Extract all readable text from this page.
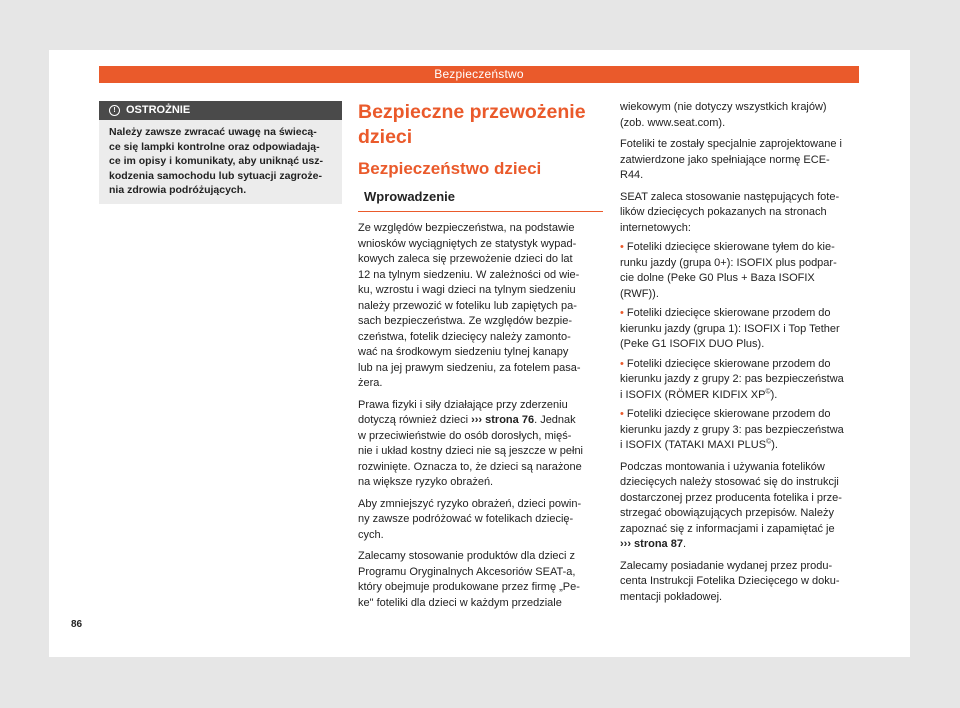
Bezpieczeństwo
! OSTROŻNIE
Należy zawsze zwracać uwagę na świecą-
ce się lampki kontrolne oraz odpowiadają-
ce im opisy i komunikaty, aby uniknąć usz-
kodzenia samochodu lub sytuacji zagroże-
nia zdrowia podróżujących.
Bezpieczne przewożenie
dzieci
Bezpieczeństwo dzieci
Wprowadzenie

Ze względów bezpieczeństwa, na podstawie
wniosków wyciągniętych ze statystyk wypad-
kowych zaleca się przewożenie dzieci do lat
12 na tylnym siedzeniu. W zależności od wie-
ku, wzrostu i wagi dzieci na tylnym siedzeniu
należy przewozić w foteliku lub zapiętych pa-
sach bezpieczeństwa. Ze względów bezpie-
czeństwa, fotelik dziecięcy należy zamonto-
wać na środkowym siedzeniu tylnej kanapy
lub na jej prawym siedzeniu, za fotelem pasa-
żera.

Prawa fizyki i siły działające przy zderzeniu
dotyczą również dzieci ››› strona 76. Jednak
w przeciwieństwie do osób dorosłych, mięś-
nie i układ kostny dzieci nie są jeszcze w pełni
rozwinięte. Oznacza to, że dzieci są narażone
na większe ryzyko obrażeń.

Aby zmniejszyć ryzyko obrażeń, dzieci powin-
ny zawsze podróżować w fotelikach dziecię-
cych.

Zalecamy stosowanie produktów dla dzieci z
Programu Oryginalnych Akcesoriów SEAT-a,
który obejmuje produkowane przez firmę „Pe-
ke" foteliki dla dzieci w każdym przedziale

wiekowym (nie dotyczy wszystkich krajów)
(zob. www.seat.com).

Foteliki te zostały specjalnie zaprojektowane i
zatwierdzone jako spełniające normę ECE-
R44.

SEAT zaleca stosowanie następujących fote-
lików dziecięcych pokazanych na stronach
internetowych:

• Foteliki dziecięce skierowane tyłem do kie-
runku jazdy (grupa 0+): ISOFIX plus podpar-
cie dolne (Peke G0 Plus + Baza ISOFIX
(RWF)).

• Foteliki dziecięce skierowane przodem do
kierunku jazdy (grupa 1): ISOFIX i Top Tether
(Peke G1 ISOFIX DUO Plus).

• Foteliki dziecięce skierowane przodem do
kierunku jazdy z grupy 2: pas bezpieczeństwa
i ISOFIX (RÖMER KIDFIX XP©).

• Foteliki dziecięce skierowane przodem do
kierunku jazdy z grupy 3: pas bezpieczeństwa
i ISOFIX (TATAKI MAXI PLUS©).

Podczas montowania i używania fotelików
dziecięcych należy stosować się do instrukcji
dostarczonej przez producenta fotelika i prze-
strzegać obowiązujących przepisów. Należy
zapoznać się z informacjami i zapamiętać je
››› strona 87.

Zalecamy posiadanie wydanej przez produ-
centa Instrukcji Fotelika Dziecięcego w doku-
mentacji pokładowej.

86
